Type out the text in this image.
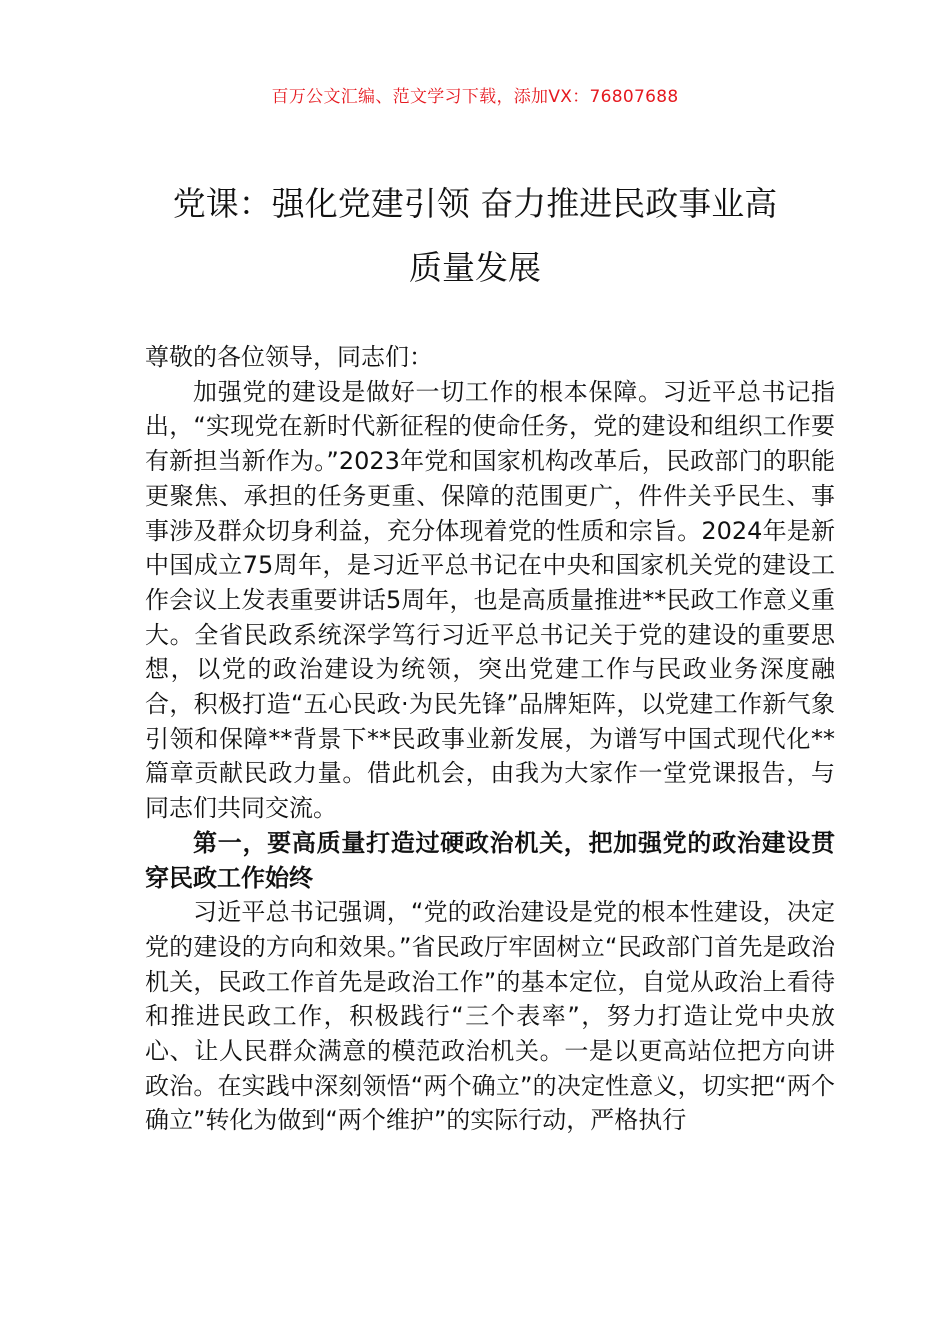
百万公文汇编、范文学习下载，添加VX：76807688
党课：强化党建引领 奋力推进民政事业高
质量发展

尊敬的各位领导，同志们：

加强党的建设是做好一切工作的根本保障。习近平总书记指出，“实现党在新时代新征程的使命任务，党的建设和组织工作要有新担当新作为。”2023年党和国家机构改革后，民政部门的职能更聚焦、承担的任务更重、保障的范围更广，件件关乎民生、事事涉及群众切身利益，充分体现着党的性质和宗旨。2024年是新中国成立75周年，是习近平总书记在中央和国家机关党的建设工作会议上发表重要讲话5周年，也是高质量推进**民政工作意义重大。全省民政系统深学笃行习近平总书记关于党的建设的重要思想，以党的政治建设为统领，突出党建工作与民政业务深度融合，积极打造“五心民政·为民先锋”品牌矩阵，以党建工作新气象引领和保障**背景下**民政事业新发展，为谱写中国式现代化**篇章贡献民政力量。借此机会，由我为大家作一堂党课报告，与同志们共同交流。

第一，要高质量打造过硬政治机关，把加强党的政治建设贯穿民政工作始终

习近平总书记强调，“党的政治建设是党的根本性建设，决定党的建设的方向和效果。”省民政厅牢固树立“民政部门首先是政治机关，民政工作首先是政治工作”的基本定位，自觉从政治上看待和推进民政工作，积极践行“三个表率”，努力打造让党中央放心、让人民群众满意的模范政治机关。一是以更高站位把方向讲政治。在实践中深刻领悟“两个确立”的决定性意义，切实把“两个确立”转化为做到“两个维护”的实际行动，严格执行
